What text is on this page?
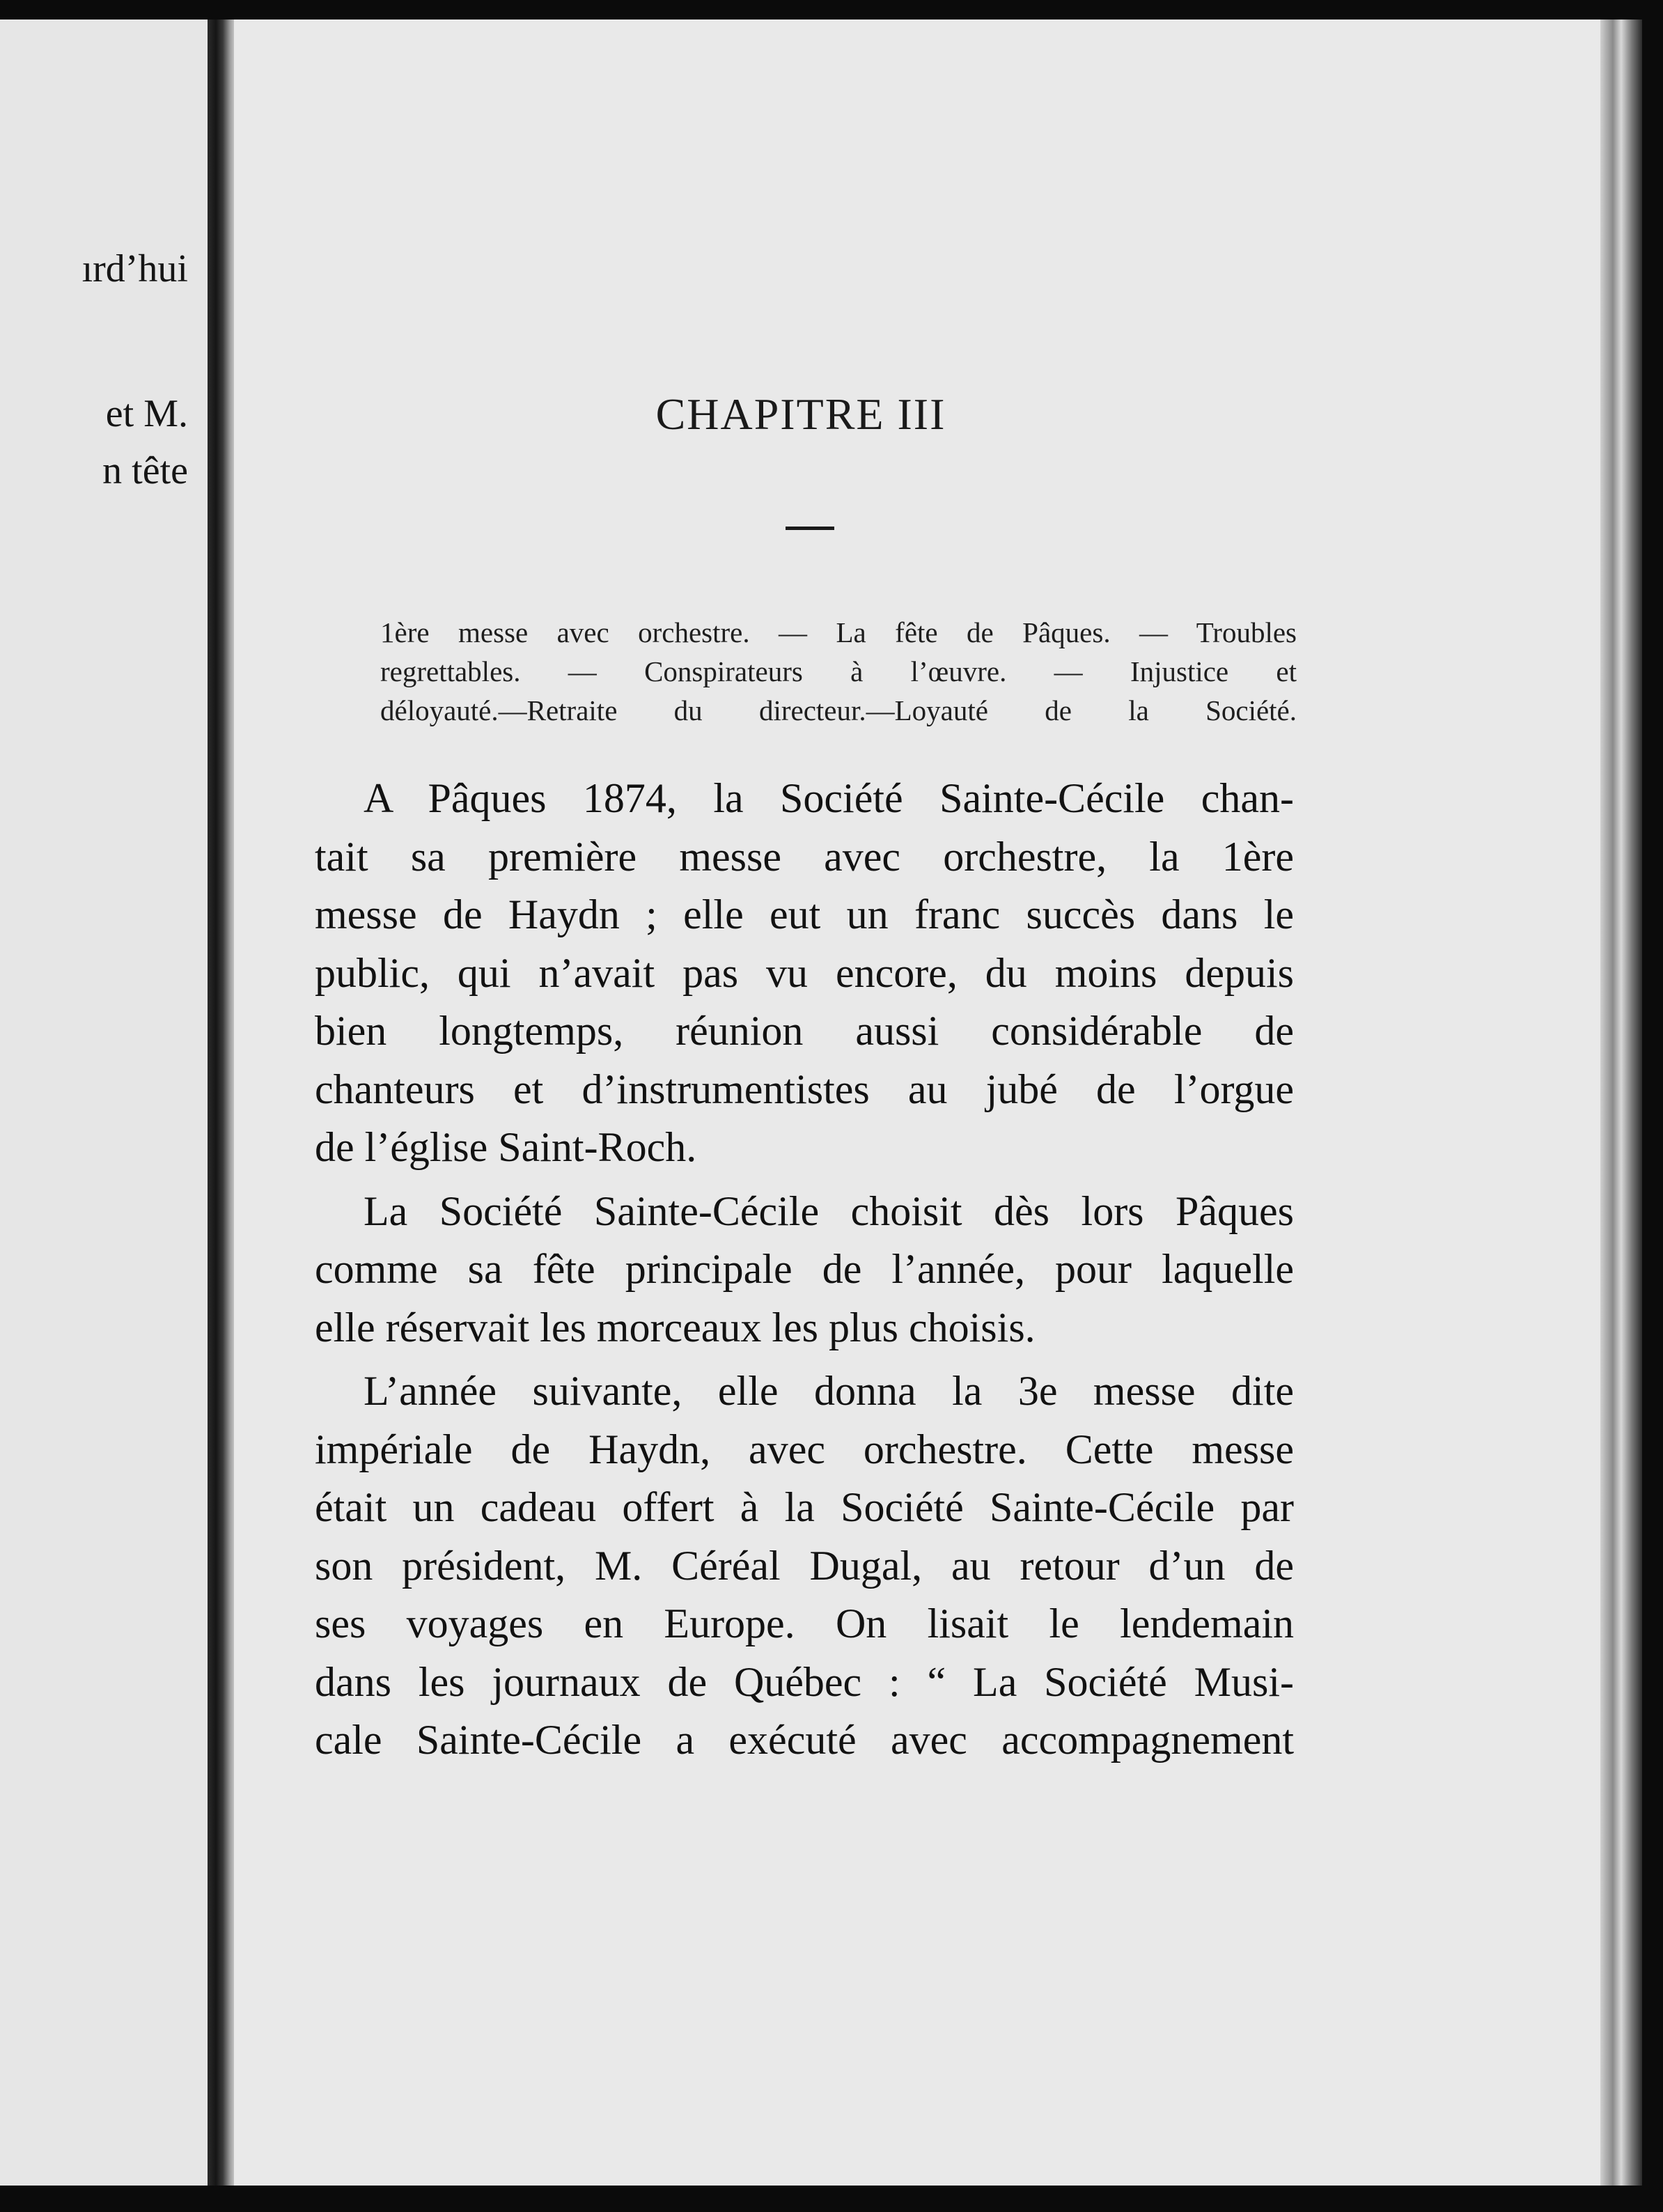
ırd’hui
et M.
n tête
CHAPITRE III
1ère messe avec orchestre. — La fête de Pâques. — Troubles
regrettables. — Conspirateurs à l’œuvre. — Injustice et
déloyauté.—Retraite du directeur.—Loyauté de la Société.
A Pâques 1874, la Société Sainte-Cécile chan-
tait sa première messe avec orchestre, la 1ère
messe de Haydn ; elle eut un franc succès dans le
public, qui n’avait pas vu encore, du moins depuis
bien longtemps, réunion aussi considérable de
chanteurs et d’instrumentistes au jubé de l’orgue
de l’église Saint-Roch.
La Société Sainte-Cécile choisit dès lors Pâques
comme sa fête principale de l’année, pour laquelle
elle réservait les morceaux les plus choisis.
L’année suivante, elle donna la 3e messe dite
impériale de Haydn, avec orchestre. Cette messe
était un cadeau offert à la Société Sainte-Cécile par
son président, M. Céréal Dugal, au retour d’un de
ses voyages en Europe. On lisait le lendemain
dans les journaux de Québec : “ La Société Musi-
cale Sainte-Cécile a exécuté avec accompagnement
